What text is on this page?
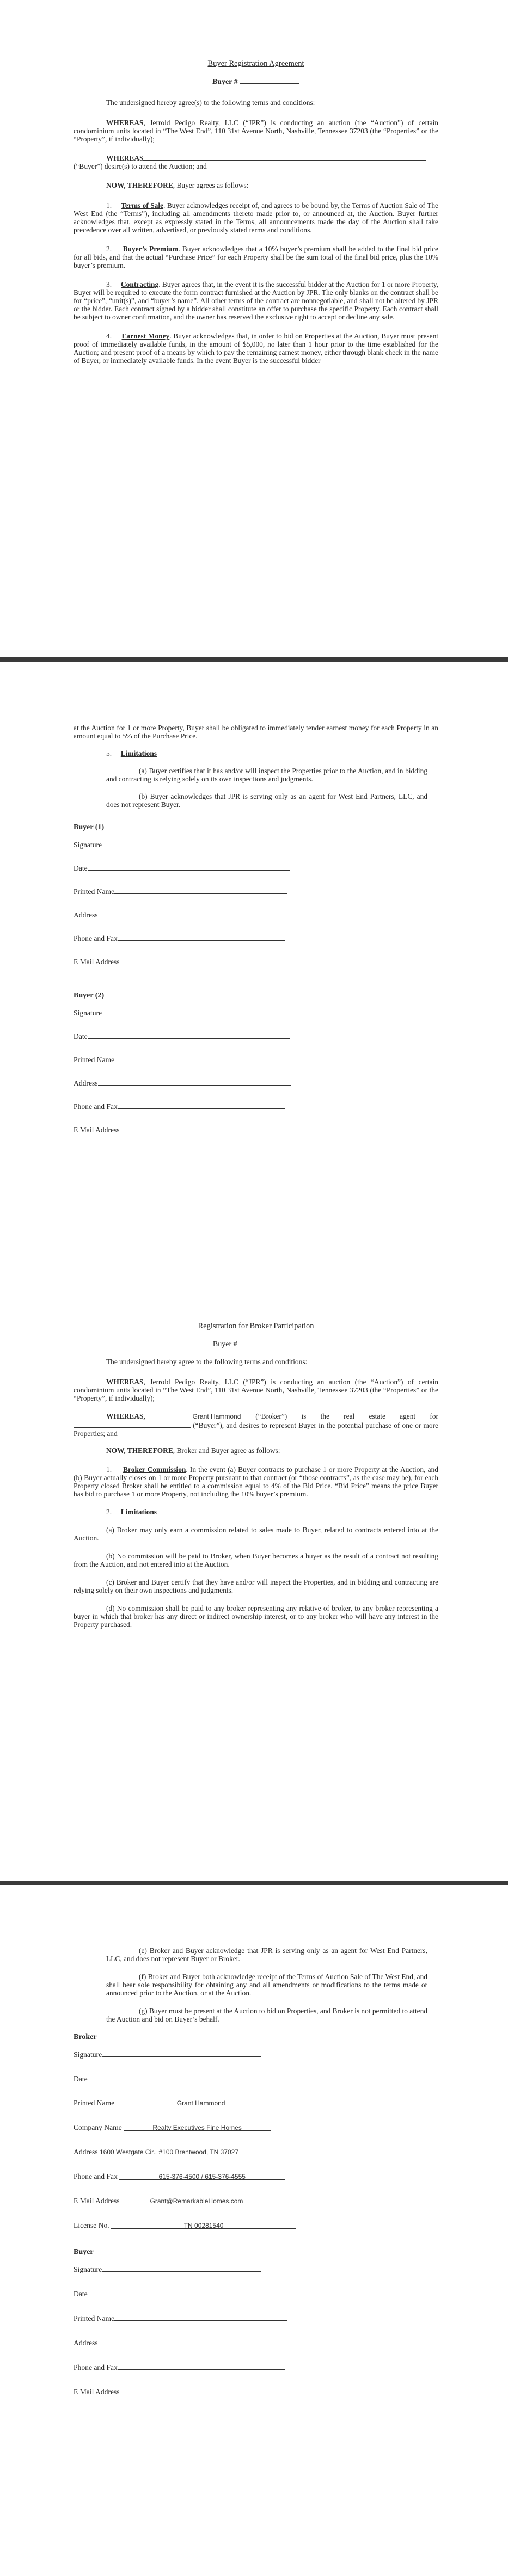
Buyer Registration Agreement

Buyer #

The undersigned hereby agree(s) to the following terms and conditions:

WHEREAS, Jerrold Pedigo Realty, LLC (“JPR”) is conducting an auction (the “Auction”) of certain condominium units located in “The West End”, 110 31st Avenue North, Nashville, Tennessee 37203 (the “Properties” or the “Property”, if individually);

WHEREAS

(“Buyer”) desire(s) to attend the Auction; and

NOW, THEREFORE, Buyer agrees as follows:

1. Terms of Sale. Buyer acknowledges receipt of, and agrees to be bound by, the Terms of Auction Sale of The West End (the “Terms”), including all amendments thereto made prior to, or announced at, the Auction. Buyer further acknowledges that, except as expressly stated in the Terms, all announcements made the day of the Auction shall take precedence over all written, advertised, or previously stated terms and conditions.

2. Buyer’s Premium. Buyer acknowledges that a 10% buyer’s premium shall be added to the final bid price for all bids, and that the actual “Purchase Price” for each Property shall be the sum total of the final bid price, plus the 10% buyer’s premium.

3. Contracting. Buyer agrees that, in the event it is the successful bidder at the Auction for 1 or more Property, Buyer will be required to execute the form contract furnished at the Auction by JPR. The only blanks on the contract shall be for “price”, “unit(s)”, and “buyer’s name”. All other terms of the contract are nonnegotiable, and shall not be altered by JPR or the bidder. Each contract signed by a bidder shall constitute an offer to purchase the specific Property. Each contract shall be subject to owner confirmation, and the owner has reserved the exclusive right to accept or decline any sale.

4. Earnest Money. Buyer acknowledges that, in order to bid on Properties at the Auction, Buyer must present proof of immediately available funds, in the amount of $5,000, no later than 1 hour prior to the time established for the Auction; and present proof of a means by which to pay the remaining earnest money, either through blank check in the name of Buyer, or immediately available funds. In the event Buyer is the successful bidder

at the Auction for 1 or more Property, Buyer shall be obligated to immediately tender earnest money for each Property in an amount equal to 5% of the Purchase Price.

5. Limitations

(a) Buyer certifies that it has and/or will inspect the Properties prior to the Auction, and in bidding and contracting is relying solely on its own inspections and judgments.

(b) Buyer acknowledges that JPR is serving only as an agent for West End Partners, LLC, and does not represent Buyer.

Buyer (1)
Signature
Date
Printed Name
Address
Phone and Fax
E Mail Address
Buyer (2)
Signature
Date
Printed Name
Address
Phone and Fax
E Mail Address

Registration for Broker Participation

Buyer #

The undersigned hereby agree to the following terms and conditions:

WHEREAS, Jerrold Pedigo Realty, LLC (“JPR”) is conducting an auction (the “Auction”) of certain condominium units located in “The West End”, 110 31st Avenue North, Nashville, Tennessee 37203 (the “Properties” or the “Property”, if individually);

WHEREAS,	Grant Hammond (“Broker”) is the real estate agent for  (“Buyer”), and desires to represent Buyer in the potential purchase of one or more Properties; and

NOW, THEREFORE, Broker and Buyer agree as follows:

1. Broker Commission. In the event (a) Buyer contracts to purchase 1 or more Property at the Auction, and (b) Buyer actually closes on 1 or more Property pursuant to that contract (or “those contracts”, as the case may be), for each Property closed Broker shall be entitled to a commission equal to 4% of the Bid Price. “Bid Price” means the price Buyer has bid to purchase 1 or more Property, not including the 10% buyer’s premium.

2. Limitations

(a) Broker may only earn a commission related to sales made to Buyer, related to contracts entered into at the Auction.

(b) No commission will be paid to Broker, when Buyer becomes a buyer as the result of a contract not resulting from the Auction, and not entered into at the Auction.

(c) Broker and Buyer certify that they have and/or will inspect the Properties, and in bidding and contracting are relying solely on their own inspections and judgments.

(d) No commission shall be paid to any broker representing any relative of broker, to any broker representing a buyer in which that broker has any direct or indirect ownership interest, or to any broker who will have any interest in the Property purchased.

(e) Broker and Buyer acknowledge that JPR is serving only as an agent for West End Partners, LLC, and does not represent Buyer or Broker.

(f) Broker and Buyer both acknowledge receipt of the Terms of Auction Sale of The West End, and shall bear sole responsibility for obtaining any and all amendments or modifications to the terms made or announced prior to the Auction, or at the Auction.

(g) Buyer must be present at the Auction to bid on Properties, and Broker is not permitted to attend the Auction and bid on Buyer’s behalf.

Broker
Signature
Date
Printed Name	Grant Hammond
Company Name	Realty Executives Fine Homes
Address 1600 Westgate Cir., #100 Brentwood, TN 37027
Phone and Fax	615-376-4500 / 615-376-4555
E Mail Address	Grant@RemarkableHomes.com
License No.	TN 00281540
Buyer
Signature
Date
Printed Name
Address
Phone and Fax
E Mail Address
